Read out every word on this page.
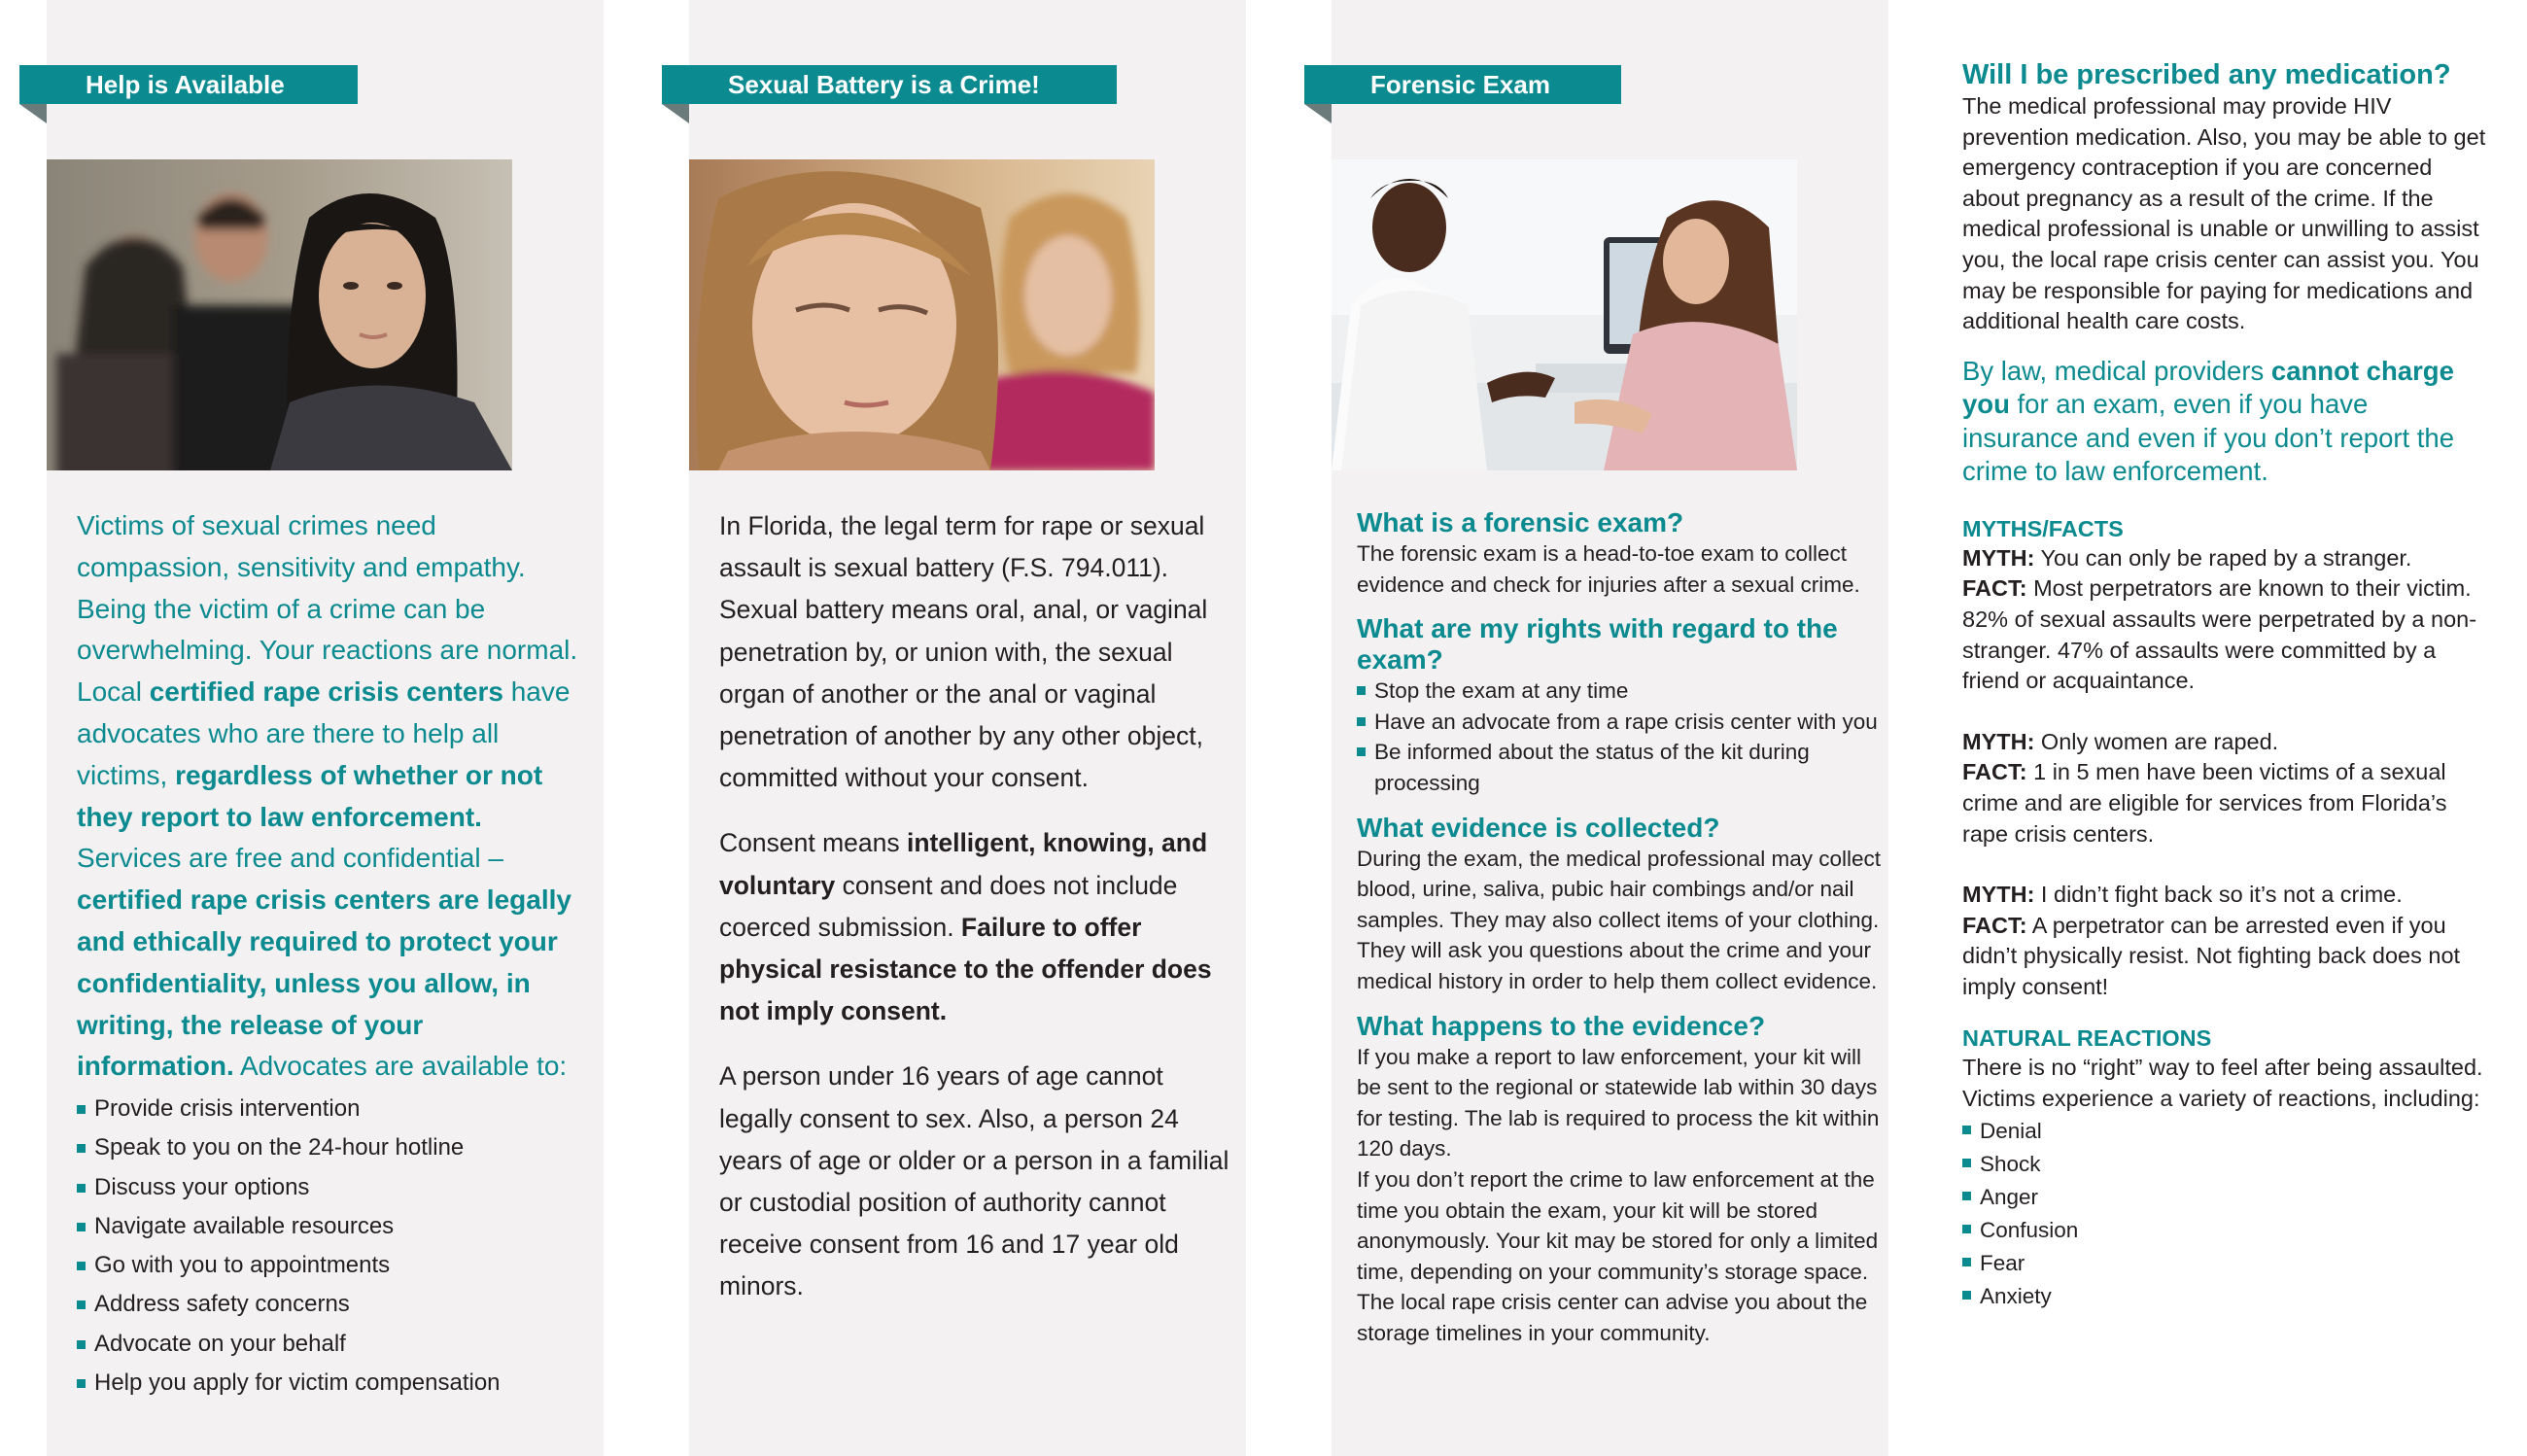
Help is Available	Sexual Battery is a Crime!	Forensic Exam
Victims of sexual crimes need compassion, sensitivity and empathy. Being the victim of a crime can be overwhelming. Your reactions are normal. Local certified rape crisis centers have advocates who are there to help all victims, regardless of whether or not they report to law enforcement. Services are free and confidential – certified rape crisis centers are legally and ethically required to protect your confidentiality, unless you allow, in writing, the release of your information. Advocates are available to:
Provide crisis intervention
Speak to you on the 24-hour hotline
Discuss your options
Navigate available resources
Go with you to appointments
Address safety concerns
Advocate on your behalf
Help you apply for victim compensation

In Florida, the legal term for rape or sexual assault is sexual battery (F.S. 794.011). Sexual battery means oral, anal, or vaginal penetration by, or union with, the sexual organ of another or the anal or vaginal penetration of another by any other object, committed without your consent.

Consent means intelligent, knowing, and voluntary consent and does not include coerced submission. Failure to offer physical resistance to the offender does not imply consent.

A person under 16 years of age cannot legally consent to sex. Also, a person 24 years of age or older or a person in a familial or custodial position of authority cannot receive consent from 16 and 17 year old minors.

What is a forensic exam?
The forensic exam is a head-to-toe exam to collect evidence and check for injuries after a sexual crime.
What are my rights with regard to the exam?
Stop the exam at any time
Have an advocate from a rape crisis center with you
Be informed about the status of the kit during processing
What evidence is collected?
During the exam, the medical professional may collect blood, urine, saliva, pubic hair combings and/or nail samples. They may also collect items of your clothing. They will ask you questions about the crime and your medical history in order to help them collect evidence.
What happens to the evidence?
If you make a report to law enforcement, your kit will be sent to the regional or statewide lab within 30 days for testing. The lab is required to process the kit within 120 days.
If you don’t report the crime to law enforcement at the time you obtain the exam, your kit will be stored anonymously. Your kit may be stored for only a limited time, depending on your community’s storage space. The local rape crisis center can advise you about the storage timelines in your community.
Will I be prescribed any medication?
The medical professional may provide HIV prevention medication. Also, you may be able to get emergency contraception if you are concerned about pregnancy as a result of the crime. If the medical professional is unable or unwilling to assist you, the local rape crisis center can assist you. You may be responsible for paying for medications and additional health care costs.
By law, medical providers cannot charge you for an exam, even if you have insurance and even if you don’t report the crime to law enforcement.
MYTHS/FACTS
MYTH: You can only be raped by a stranger.
FACT: Most perpetrators are known to their victim. 82% of sexual assaults were perpetrated by a non-stranger. 47% of assaults were committed by a friend or acquaintance.
MYTH: Only women are raped.
FACT: 1 in 5 men have been victims of a sexual crime and are eligible for services from Florida’s rape crisis centers.
MYTH: I didn’t fight back so it’s not a crime.
FACT: A perpetrator can be arrested even if you didn’t physically resist. Not fighting back does not imply consent!
NATURAL REACTIONS
There is no “right” way to feel after being assaulted. Victims experience a variety of reactions, including:
Denial
Shock
Anger
Confusion
Fear
Anxiety
